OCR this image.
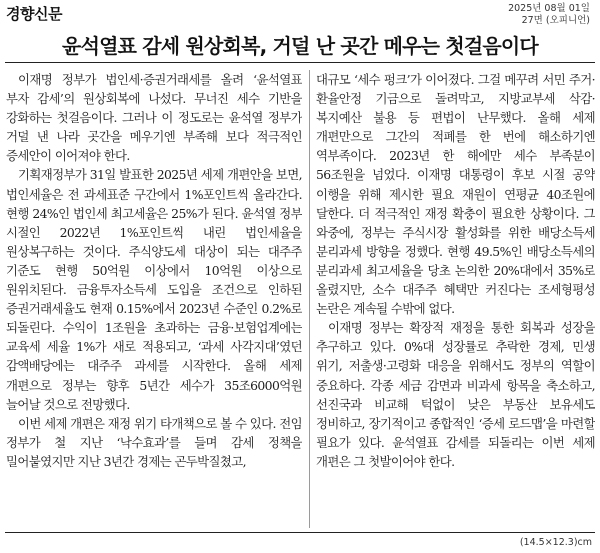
경향신문	2025년 08월 01일
27면 (오피니언)
윤석열표 감세 원상회복, 거덜 난 곳간 메우는 첫걸음이다

이재명 정부가 법인세·증권거래세를 올려 ‘윤석열표 부자 감세’의 원상회복에 나섰다. 무너진 세수 기반을 강화하는 첫걸음이다. 그러나 이 정도로는 윤석열 정부가 거덜 낸 나라 곳간을 메우기엔 부족해 보다 적극적인 증세안이 이어져야 한다.

기획재정부가 31일 발표한 2025년 세제 개편안을 보면, 법인세율은 전 과세표준 구간에서 1%포인트씩 올라간다. 현행 24%인 법인세 최고세율은 25%가 된다. 윤석열 정부 시절인 2022년 1%포인트씩 내린 법인세율을 원상복구하는 것이다. 주식양도세 대상이 되는 대주주 기준도 현행 50억원 이상에서 10억원 이상으로 원위치된다. 금융투자소득세 도입을 조건으로 인하된 증권거래세율도 현재 0.15%에서 2023년 수준인 0.2%로 되돌린다. 수익이 1조원을 초과하는 금융·보험업계에는 교육세 세율 1%가 새로 적용되고, ‘과세 사각지대’였던 감액배당에는 대주주 과세를 시작한다. 올해 세제 개편으로 정부는 향후 5년간 세수가 35조6000억원 늘어날 것으로 전망했다.

이번 세제 개편은 재정 위기 타개책으로 볼 수 있다. 전임 정부가 철 지난 ‘낙수효과’를 들며 감세 정책을 밀어붙였지만 지난 3년간 경제는 곤두박질쳤고,

대규모 ‘세수 펑크’가 이어졌다. 그걸 메꾸려 서민 주거·환율안정 기금으로 돌려막고, 지방교부세 삭감·복지예산 불용 등 편법이 난무했다. 올해 세제 개편만으로 그간의 적폐를 한 번에 해소하기엔 역부족이다. 2023년 한 해에만 세수 부족분이 56조원을 넘었다. 이재명 대통령이 후보 시절 공약 이행을 위해 제시한 필요 재원이 연평균 40조원에 달한다. 더 적극적인 재정 확충이 필요한 상황이다. 그 와중에, 정부는 주식시장 활성화를 위한 배당소득세 분리과세 방향을 정했다. 현행 49.5%인 배당소득세의 분리과세 최고세율을 당초 논의한 20%대에서 35%로 올렸지만, 소수 대주주 혜택만 커진다는 조세형평성 논란은 계속될 수밖에 없다.

이재명 정부는 확장적 재정을 통한 회복과 성장을 추구하고 있다. 0%대 성장률로 추락한 경제, 민생 위기, 저출생·고령화 대응을 위해서도 정부의 역할이 중요하다. 각종 세금 감면과 비과세 항목을 축소하고, 선진국과 비교해 턱없이 낮은 부동산 보유세도 정비하고, 장기적이고 종합적인 ‘증세 로드맵’을 마련할 필요가 있다. 윤석열표 감세를 되돌리는 이번 세제 개편은 그 첫발이어야 한다.

(14.5×12.3)cm
